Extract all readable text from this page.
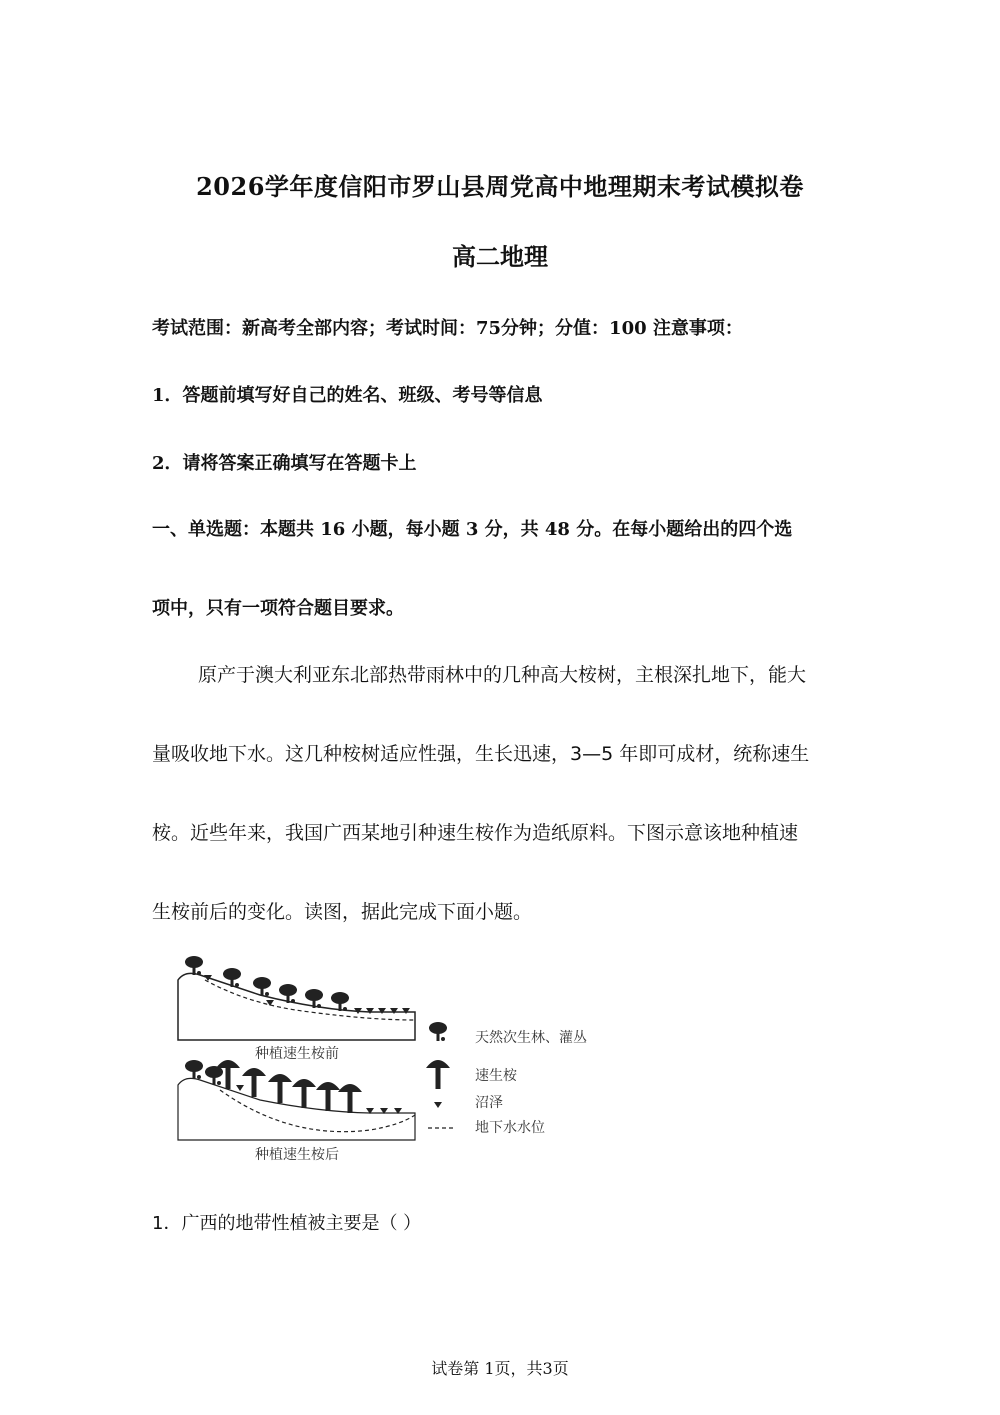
2026学年度信阳市罗山县周党高中地理期末考试模拟卷
高二地理
考试范围：新高考全部内容；考试时间：75分钟；分值：100 注意事项：
1．答题前填写好自己的姓名、班级、考号等信息
2．请将答案正确填写在答题卡上
一、单选题：本题共 16 小题，每小题 3 分，共 48 分。在每小题给出的四个选
项中，只有一项符合题目要求。
原产于澳大利亚东北部热带雨林中的几种高大桉树，主根深扎地下，能大
量吸收地下水。这几种桉树适应性强，生长迅速，3—5 年即可成材，统称速生
桉。近些年来，我国广西某地引种速生桉作为造纸原料。下图示意该地种植速
生桉前后的变化。读图，据此完成下面小题。
种植速生桉前
种植速生桉后
天然次生林、灌丛
速生桉
沼泽
地下水水位
1．广西的地带性植被主要是（ ）
试卷第 1页，共3页
